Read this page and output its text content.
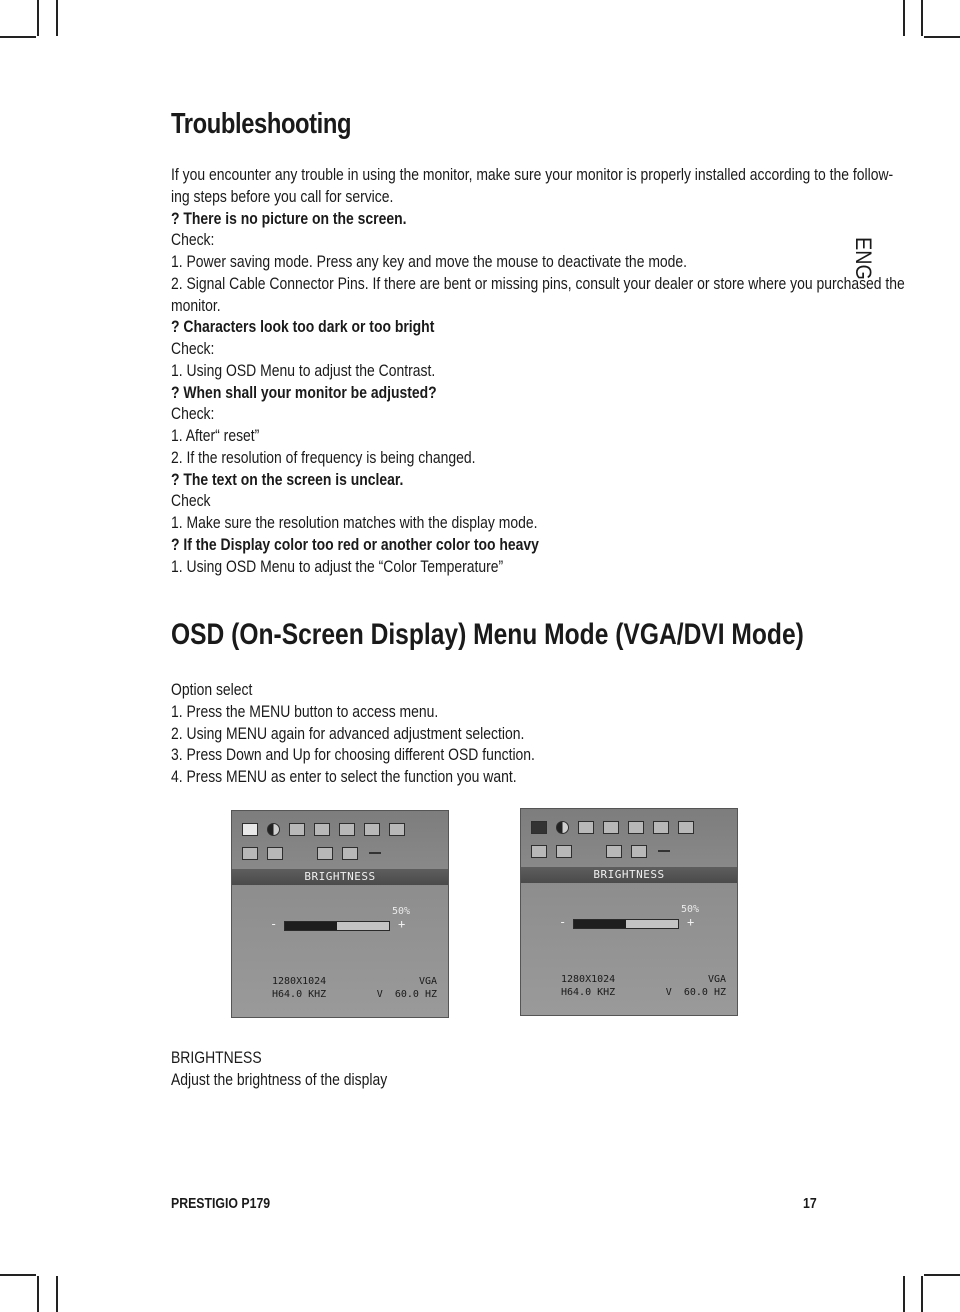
Troubleshooting
If you encounter any trouble in using the monitor, make sure your monitor is properly installed according to the follow-
ing steps before you call for service.
? There is no picture on the screen.
Check:
1. Power saving mode. Press any key and move the mouse to deactivate the mode.
2. Signal Cable Connector Pins. If there are bent or missing pins, consult your dealer or store where you purchased the
monitor.
? Characters look too dark or too bright
Check:
1. Using OSD Menu to adjust the Contrast.
? When shall your monitor be adjusted?
Check:
1. After“ reset”
2. If the resolution of frequency is being changed.
? The text on the screen is unclear.
Check
1. Make sure the resolution matches with the display mode.
? If the Display color too red or another color too heavy
1. Using OSD Menu to adjust the “Color Temperature”
ENG
OSD (On-Screen Display) Menu Mode (VGA/DVI Mode)
Option select
1. Press the MENU button to access menu.
2. Using MENU again for advanced adjustment selection.
3. Press Down and Up for choosing different OSD function.
4. Press MENU as enter to select the function you want.
BRIGHTNESS
50%
-	+
1280X1024	VGA
H64.0 KHZ	V  60.0 HZ
BRIGHTNESS
50%
-	+
1280X1024	VGA
H64.0 KHZ	V  60.0 HZ
BRIGHTNESS
Adjust the brightness of the display
PRESTIGIO P179	17
